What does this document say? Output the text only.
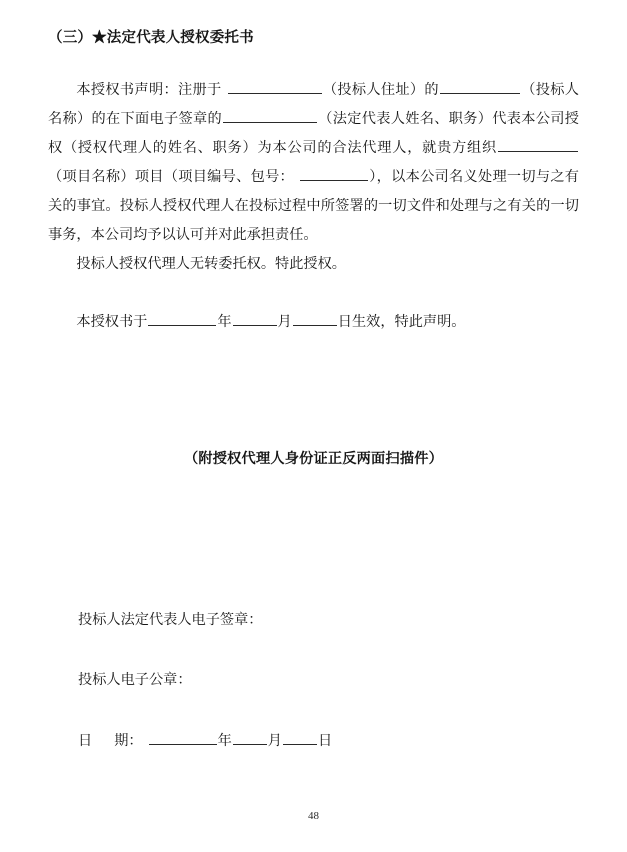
（三）★法定代表人授权委托书

本授权书声明：注册于	（投标人住址）的	（投标人名称）的在下面电子签章的	（法定代表人姓名、职务）代表本公司授权（授权代理人的姓名、职务）为本公司的合法代理人，就贵方组织（项目名称）项目（项目编号、包号：	），以本公司名义处理一切与之有关的事宜。投标人授权代理人在投标过程中所签署的一切文件和处理与之有关的一切事务，本公司均予以认可并对此承担责任。

投标人授权代理人无转委托权。特此授权。

本授权书于	年	月	日生效，特此声明。

（附授权代理人身份证正反两面扫描件）

投标人法定代表人电子签章：

投标人电子公章：

日 期：	年	月	日

48
